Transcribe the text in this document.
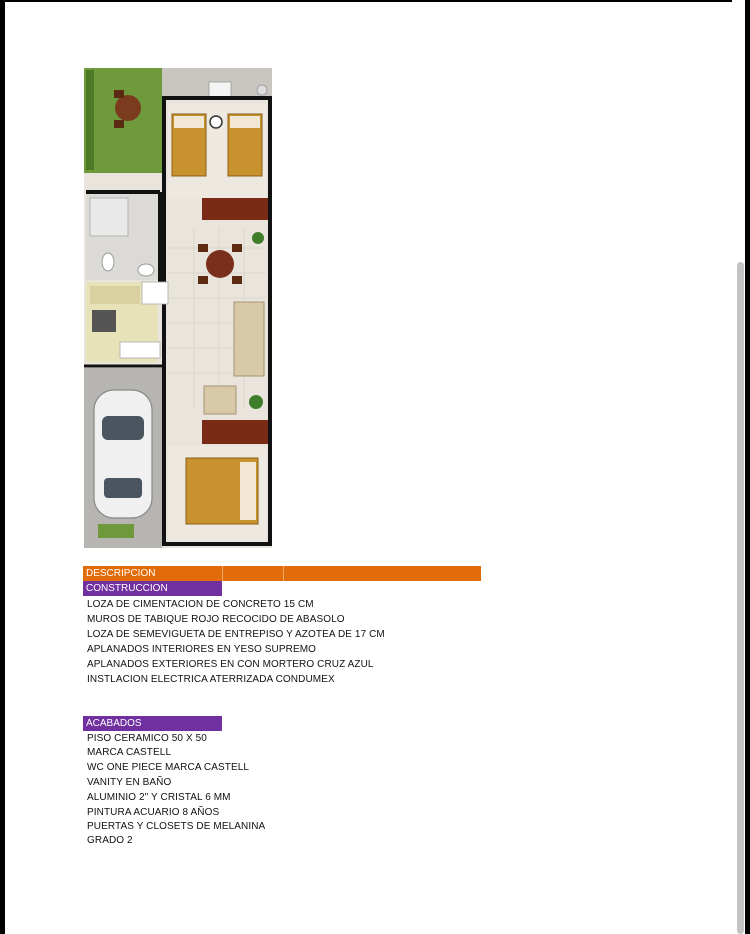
DESCRIPCION
CONSTRUCCION
LOZA DE CIMENTACION DE CONCRETO 15 CM
MUROS DE TABIQUE ROJO RECOCIDO DE ABASOLO
LOZA DE SEMEVIGUETA DE ENTREPISO Y AZOTEA DE 17 CM
APLANADOS INTERIORES EN YESO SUPREMO
APLANADOS EXTERIORES EN CON MORTERO CRUZ AZUL
INSTLACION ELECTRICA ATERRIZADA CONDUMEX
ACABADOS
PISO CERAMICO 50 X 50
MARCA CASTELL
WC ONE PIECE MARCA CASTELL
VANITY EN BAÑO
ALUMINIO 2" Y CRISTAL 6 MM
PINTURA ACUARIO 8 AÑOS
PUERTAS Y CLOSETS DE MELANINA
GRADO 2
